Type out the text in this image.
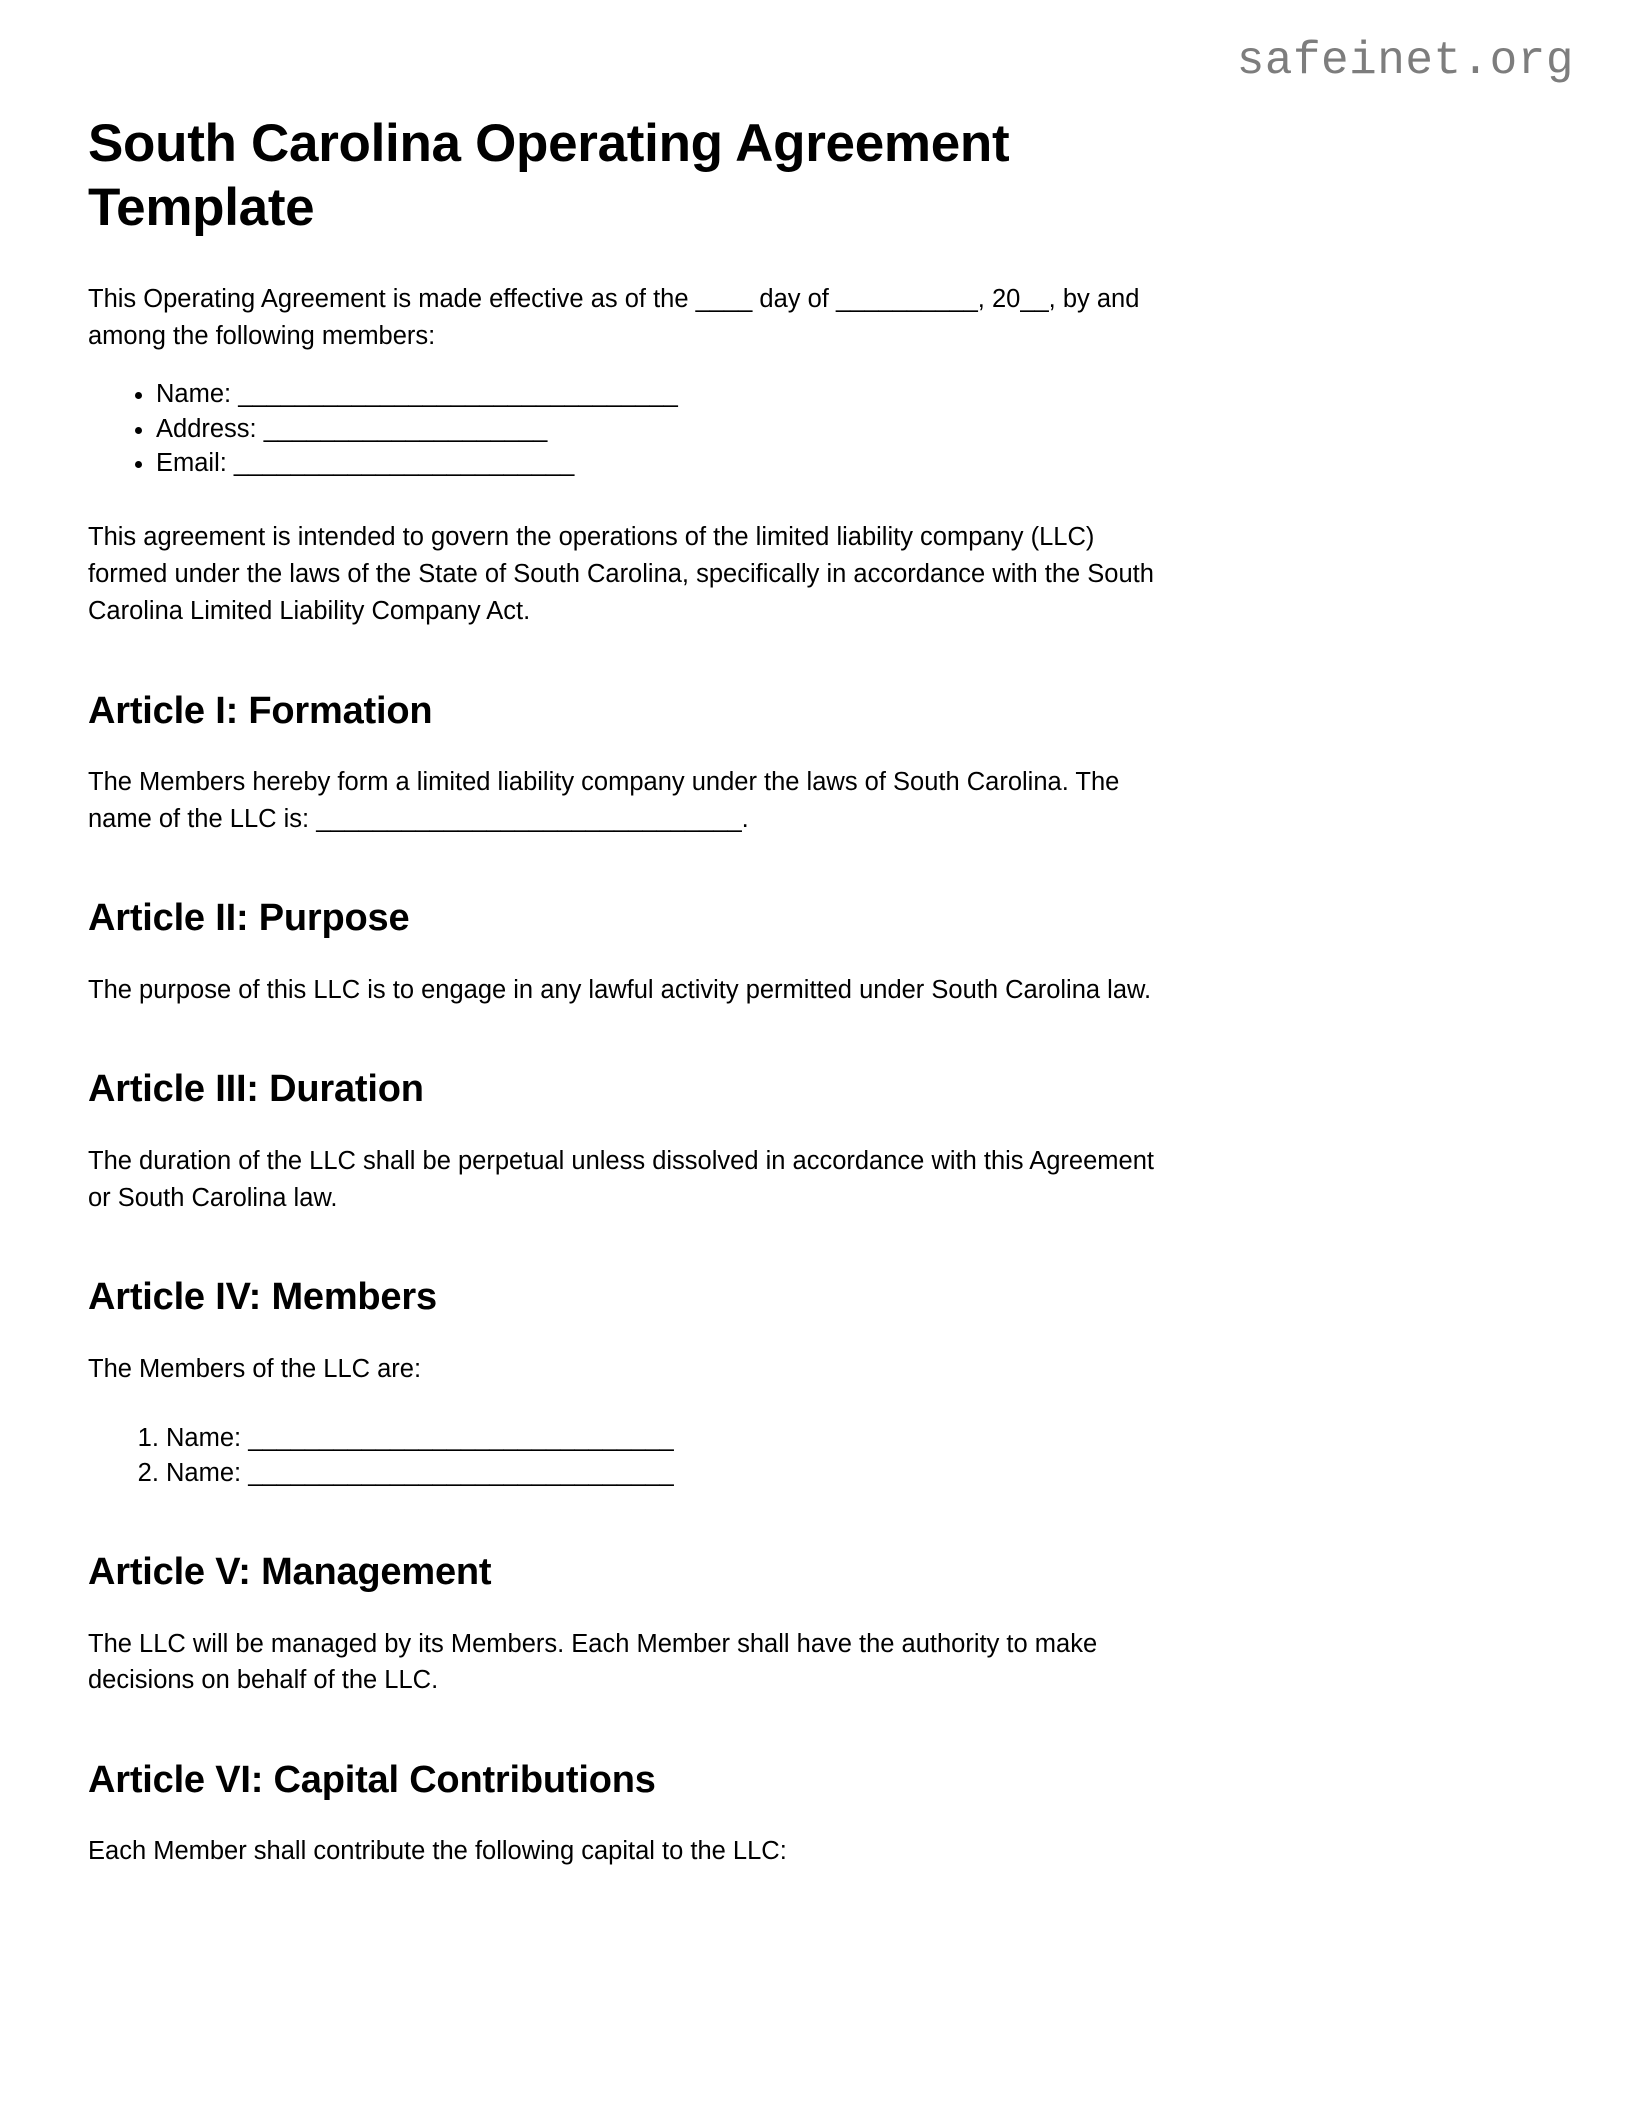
safeinet.org
South Carolina Operating Agreement Template

This Operating Agreement is made effective as of the ____ day of __________, 20__, by and among the following members:

• Name: _______________________________
• Address: ____________________
• Email: ________________________

This agreement is intended to govern the operations of the limited liability company (LLC) formed under the laws of the State of South Carolina, specifically in accordance with the South Carolina Limited Liability Company Act.

Article I: Formation

The Members hereby form a limited liability company under the laws of South Carolina. The name of the LLC is: ______________________________.

Article II: Purpose

The purpose of this LLC is to engage in any lawful activity permitted under South Carolina law.

Article III: Duration

The duration of the LLC shall be perpetual unless dissolved in accordance with this Agreement or South Carolina law.

Article IV: Members

The Members of the LLC are:

1. Name: ______________________________
2. Name: ______________________________
Article V: Management

The LLC will be managed by its Members. Each Member shall have the authority to make decisions on behalf of the LLC.

Article VI: Capital Contributions

Each Member shall contribute the following capital to the LLC:
